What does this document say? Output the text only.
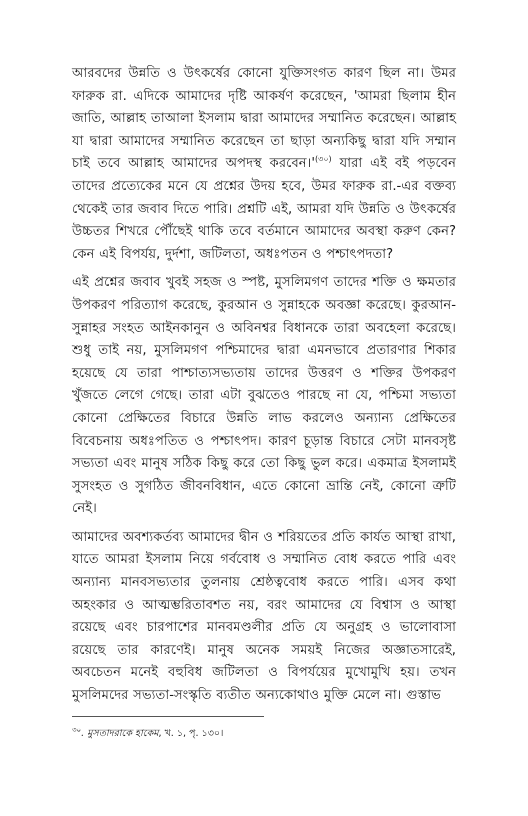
আরবদের উন্নতি ও উৎকর্ষের কোনো যুক্তিসংগত কারণ ছিল না। উমর ফারুক রা. এদিকে আমাদের দৃষ্টি আকর্ষণ করেছেন, 'আমরা ছিলাম হীন জাতি, আল্লাহ তাআলা ইসলাম দ্বারা আমাদের সম্মানিত করেছেন। আল্লাহ যা দ্বারা আমাদের সম্মানিত করেছেন তা ছাড়া অন্যকিছু দ্বারা যদি সম্মান চাই তবে আল্লাহ আমাদের অপদস্থ $করবেন।'^{(৩০)}$ যারা এই বই পড়বেন তাদের প্রত্যেকের মনে যে প্রশ্নের উদয় হবে, উমর ফারুক রা.-এর বক্তব্য থেকেই তার জবাব দিতে পারি। প্রশ্নটি এই, আমরা যদি উন্নতি ও উৎকর্ষের উচ্চতর শিখরে পৌঁছেই থাকি তবে বর্তমানে আমাদের অবস্থা করুণ কেন? কেন এই বিপর্যয়, দুর্দশা, জটিলতা, অধঃপতন ও পশ্চাৎপদতা?

এই প্রশ্নের জবাব খুবই সহজ ও স্পষ্ট, মুসলিমগণ তাদের শক্তি ও ক্ষমতার উপকরণ পরিত্যাগ করেছে, কুরআন ও সুন্নাহকে অবজ্ঞা করেছে। কুরআন-সুন্নাহর সংহত আইনকানুন ও অবিনশ্বর বিধানকে তারা অবহেলা করেছে। শুধু তাই নয়, মুসলিমগণ পশ্চিমাদের দ্বারা এমনভাবে প্রতারণার শিকার হয়েছে যে তারা পাশ্চাত্যসভ্যতায় তাদের উত্তরণ ও শক্তির উপকরণ খুঁজতে লেগে গেছে। তারা এটা বুঝতেও পারছে না যে, পশ্চিমা সভ্যতা কোনো প্রেক্ষিতের বিচারে উন্নতি লাভ করলেও অন্যান্য প্রেক্ষিতের বিবেচনায় অধঃপতিত ও পশ্চাৎপদ। কারণ চূড়ান্ত বিচারে সেটা মানবসৃষ্ট সভ্যতা এবং মানুষ সঠিক কিছু করে তো কিছু ভুল করে। একমাত্র ইসলামই সুসংহত ও সুগঠিত জীবনবিধান, এতে কোনো ভ্রান্তি নেই, কোনো ত্রুটি নেই।

আমাদের অবশ্যকর্তব্য আমাদের দ্বীন ও শরিয়তের প্রতি কার্যত আস্থা রাখা, যাতে আমরা ইসলাম নিয়ে গর্ববোধ ও সম্মানিত বোধ করতে পারি এবং অন্যান্য মানবসভ্যতার তুলনায় শ্রেষ্ঠত্ববোধ করতে পারি। এসব কথা অহংকার ও আত্মম্ভরিতাবশত নয়, বরং আমাদের যে বিশ্বাস ও আস্থা রয়েছে এবং চারপাশের মানবমণ্ডলীর প্রতি যে অনুগ্রহ ও ভালোবাসা রয়েছে তার কারণেই। মানুষ অনেক সময়ই নিজের অজ্ঞাতসারেই, অবচেতন মনেই বহুবিধ জটিলতা ও বিপর্যয়ের মুখোমুখি হয়। তখন মুসলিমদের সভ্যতা-সংস্কৃতি ব্যতীত অন্যকোথাও মুক্তি মেলে না। গুস্তাভ

$^{৩০}$. মুসতাদরাকে হাকেম, খ. ১, পৃ. ১৩০।
